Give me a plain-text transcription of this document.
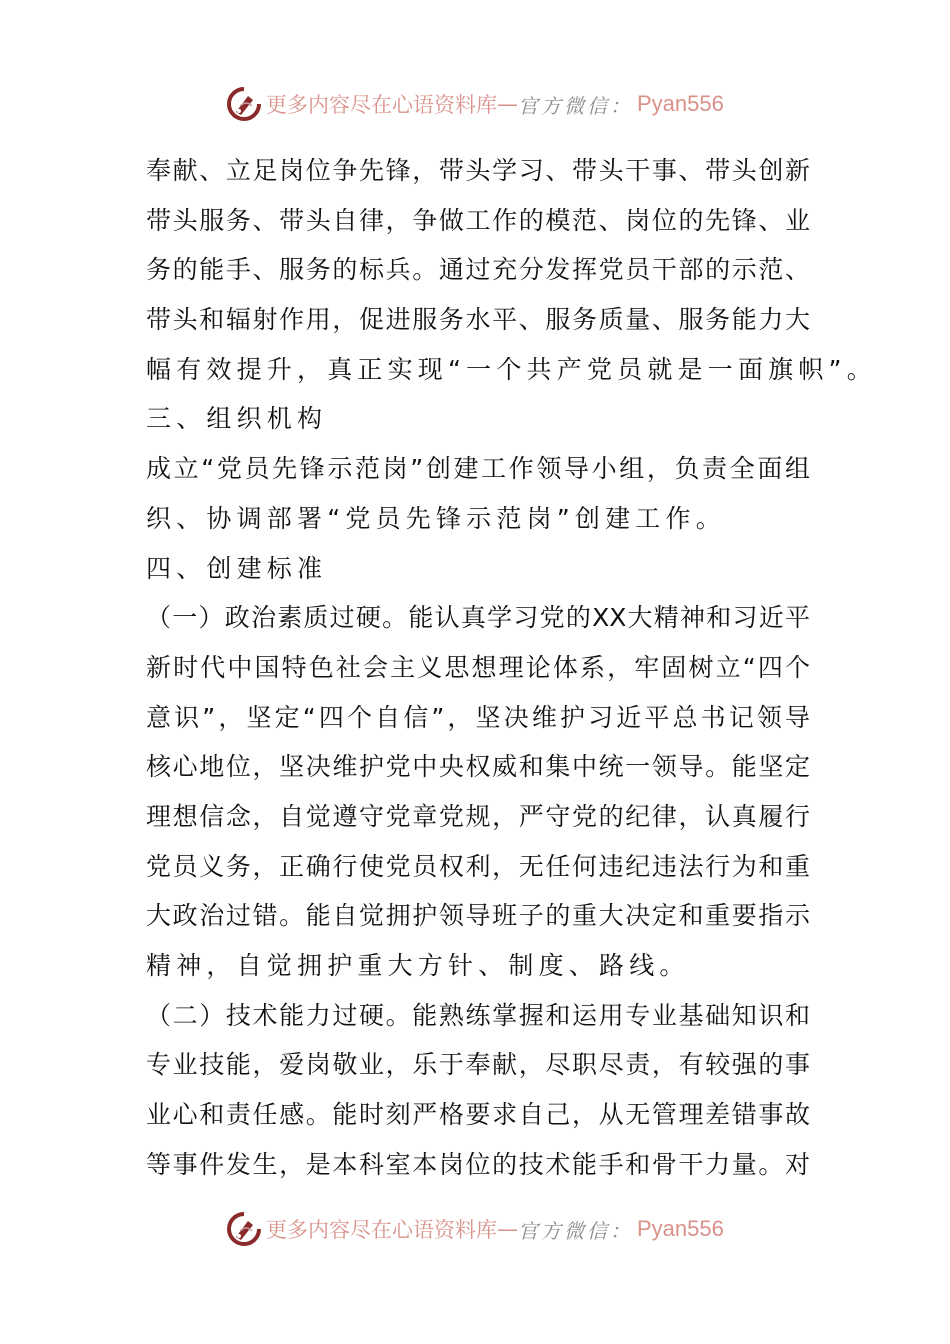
更多内容尽在心语资料库 — 官方微信： Pyan556
奉献、立足岗位争先锋，带头学习、带头干事、带头创新
带头服务、带头自律，争做工作的模范、岗位的先锋、业
务的能手、服务的标兵。通过充分发挥党员干部的示范、
带头和辐射作用，促进服务水平、服务质量、服务能力大
幅有效提升，真正实现“一个共产党员就是一面旗帜”。
三、组织机构
成立“党员先锋示范岗”创建工作领导小组，负责全面组
织、协调部署“党员先锋示范岗”创建工作。
四、创建标准
（一）政治素质过硬。能认真学习党的XX大精神和习近平
新时代中国特色社会主义思想理论体系，牢固树立“四个
意识”，坚定“四个自信”，坚决维护习近平总书记领导
核心地位，坚决维护党中央权威和集中统一领导。能坚定
理想信念，自觉遵守党章党规，严守党的纪律，认真履行
党员义务，正确行使党员权利，无任何违纪违法行为和重
大政治过错。能自觉拥护领导班子的重大决定和重要指示
精神，自觉拥护重大方针、制度、路线。
（二）技术能力过硬。能熟练掌握和运用专业基础知识和
专业技能，爱岗敬业，乐于奉献，尽职尽责，有较强的事
业心和责任感。能时刻严格要求自己，从无管理差错事故
等事件发生，是本科室本岗位的技术能手和骨干力量。对
更多内容尽在心语资料库 — 官方微信： Pyan556
